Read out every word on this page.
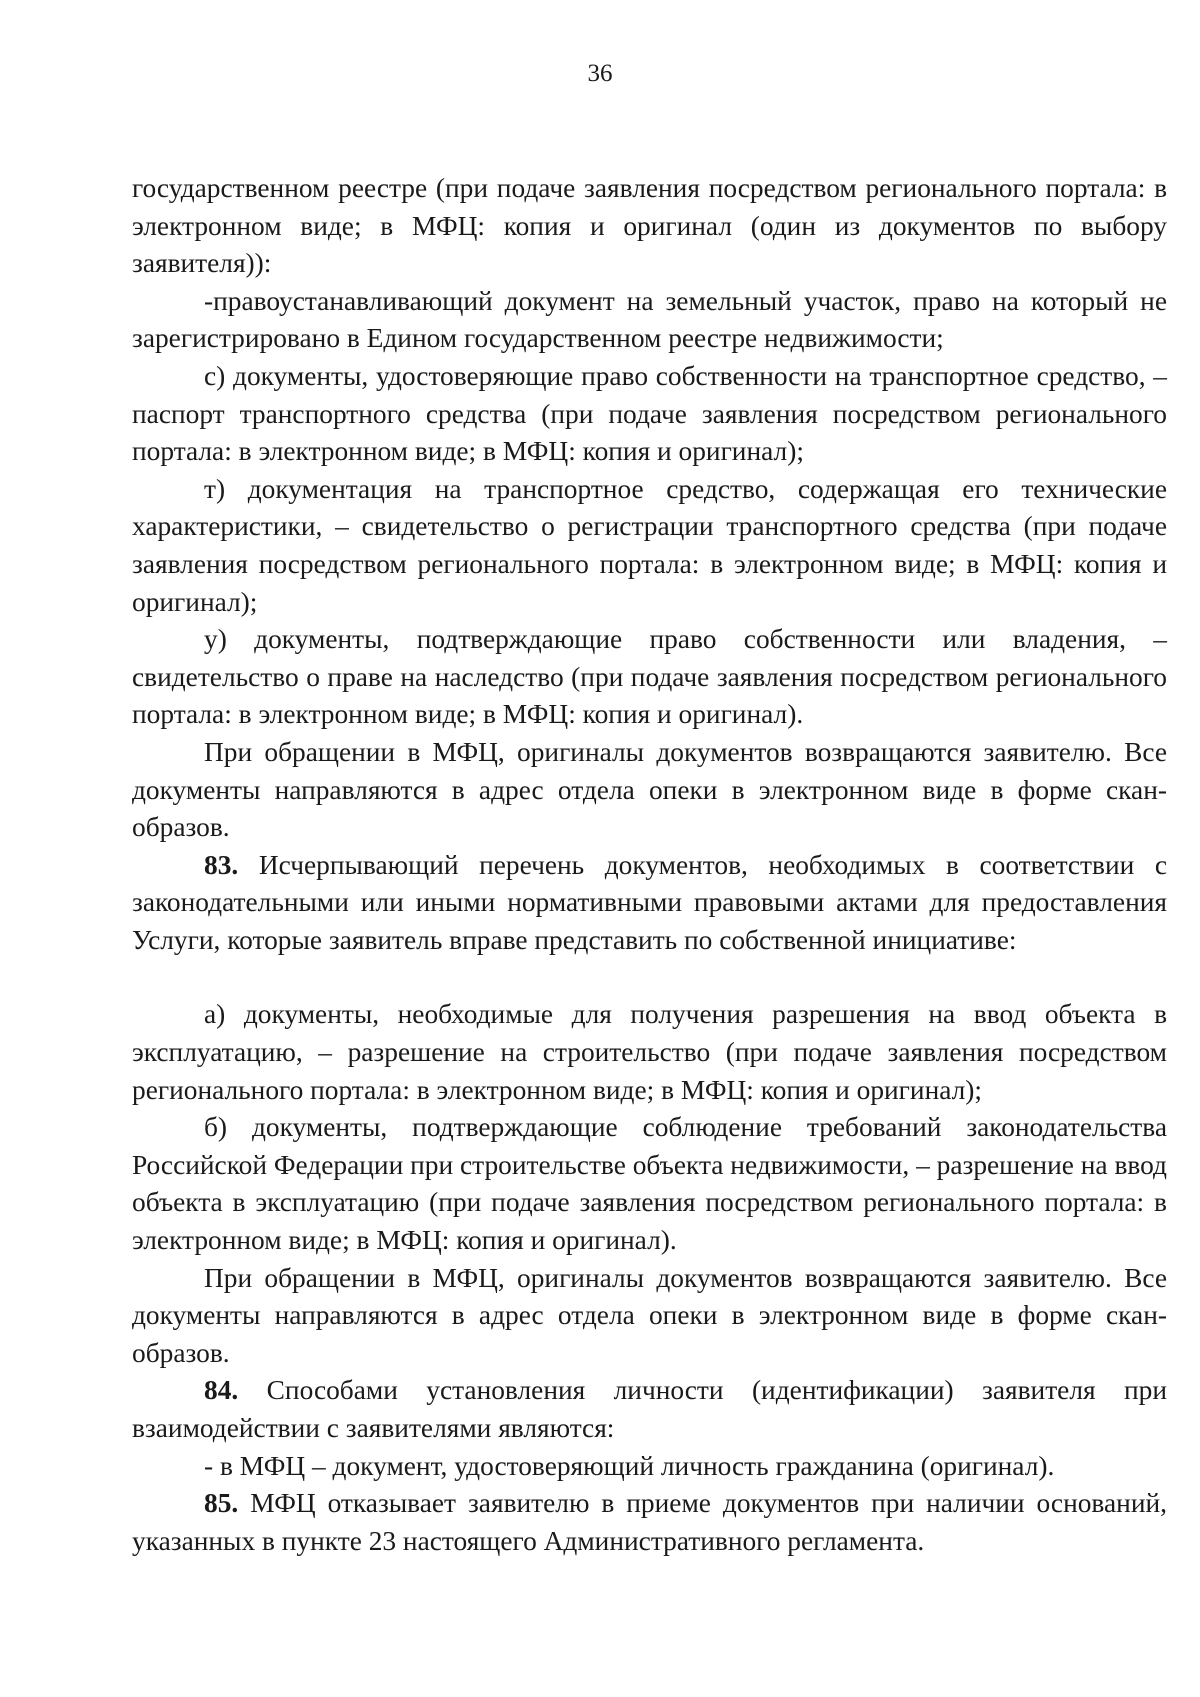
36

государственном реестре (при подаче заявления посредством регионального портала: в электронном виде; в МФЦ: копия и оригинал (один из документов по выбору заявителя)):

-правоустанавливающий документ на земельный участок, право на который не зарегистрировано в Едином государственном реестре недвижимости;

с) документы, удостоверяющие право собственности на транспортное средство, – паспорт транспортного средства (при подаче заявления посредством регионального портала: в электронном виде; в МФЦ: копия и оригинал);

т) документация на транспортное средство, содержащая его технические характеристики, – свидетельство о регистрации транспортного средства (при подаче заявления посредством регионального портала: в электронном виде; в МФЦ: копия и оригинал);

у) документы, подтверждающие право собственности или владения, – свидетельство о праве на наследство (при подаче заявления посредством регионального портала: в электронном виде; в МФЦ: копия и оригинал).

При обращении в МФЦ, оригиналы документов возвращаются заявителю. Все документы направляются в адрес отдела опеки в электронном виде в форме скан-образов.

83. Исчерпывающий перечень документов, необходимых в соответствии с законодательными или иными нормативными правовыми актами для предоставления Услуги, которые заявитель вправе представить по собственной инициативе:

а) документы, необходимые для получения разрешения на ввод объекта в эксплуатацию, – разрешение на строительство (при подаче заявления посредством регионального портала: в электронном виде; в МФЦ: копия и оригинал);

б) документы, подтверждающие соблюдение требований законодательства Российской Федерации при строительстве объекта недвижимости, – разрешение на ввод объекта в эксплуатацию (при подаче заявления посредством регионального портала: в электронном виде; в МФЦ: копия и оригинал).

При обращении в МФЦ, оригиналы документов возвращаются заявителю. Все документы направляются в адрес отдела опеки в электронном виде в форме скан-образов.

84. Способами установления личности (идентификации) заявителя при взаимодействии с заявителями являются:

- в МФЦ – документ, удостоверяющий личность гражданина (оригинал).

85. МФЦ отказывает заявителю в приеме документов при наличии оснований, указанных в пункте 23 настоящего Административного регламента.
